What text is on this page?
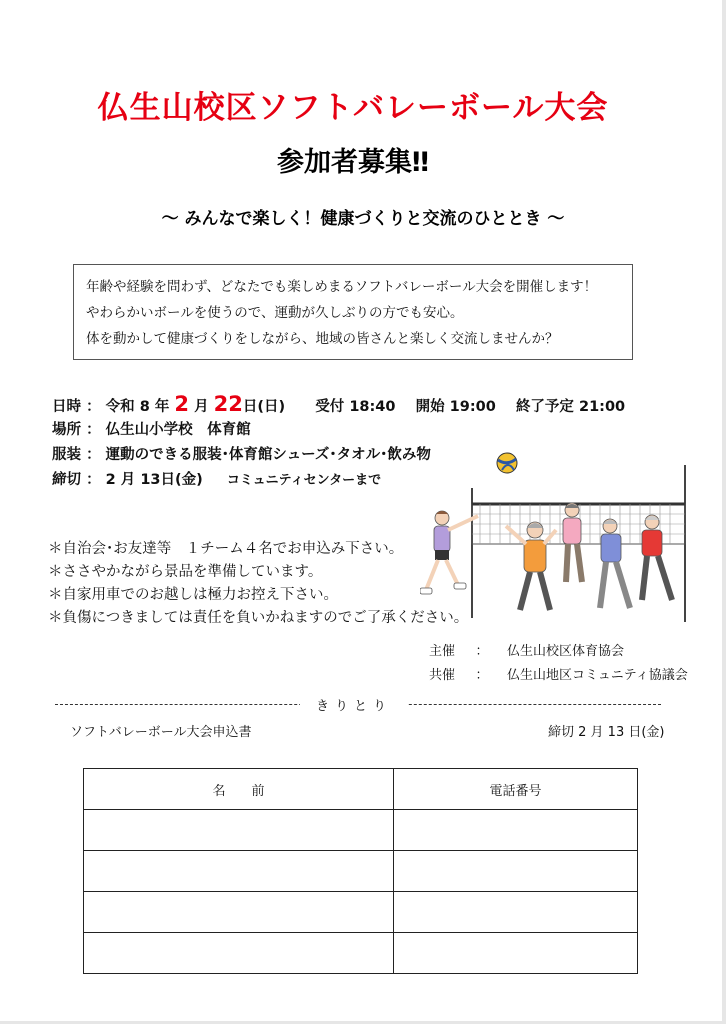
仏生山校区ソフトバレーボール大会
参加者募集‼
〜 みんなで楽しく！健康づくりと交流のひととき 〜
年齢や経験を問わず、どなたでも楽しめまるソフトバレーボール大会を開催します！
やわらかいボールを使うので、運動が久しぶりの方でも安心。
体を動かして健康づくりをしながら、地域の皆さんと楽しく交流しませんか？
日時 ： 令和 8 年 2 月 22日(日) 受付 18:40 開始 19:00 終了予定 21:00
場所 ： 仏生山小学校　体育館
服装 ： 運動のできる服装･体育館シューズ･タオル･飲み物
締切 ： 2 月 13日(金) コミュニティセンターまで
＊自治会･お友達等　１チーム４名でお申込み下さい。
＊ささやかながら景品を準備しています。
＊自家用車でのお越しは極力お控え下さい。
＊負傷につきましては責任を負いかねますのでご了承ください。
主催 ： 仏生山校区体育協会
共催 ： 仏生山地区コミュニティ協議会
きりとり
ソフトバレーボール大会申込書	締切 2 月 13 日(金)
名　　前	電話番号
